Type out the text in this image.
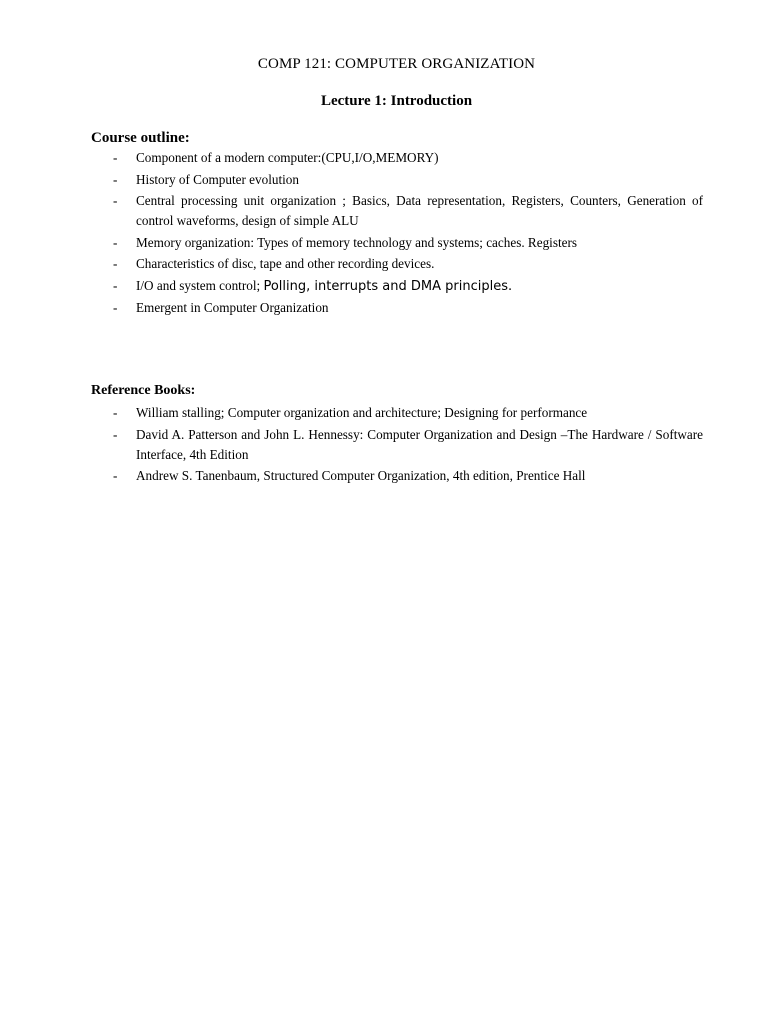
COMP 121: COMPUTER ORGANIZATION
Lecture 1: Introduction
Course outline:
- Component of a modern computer:(CPU,I/O,MEMORY)
- History of Computer evolution
- Central processing unit organization ; Basics, Data representation, Registers, Counters, Generation of control waveforms, design of simple ALU
- Memory organization: Types of memory technology and systems; caches. Registers
- Characteristics of disc, tape and other recording devices.
- I/O and system control; Polling, interrupts and DMA principles.
- Emergent in Computer Organization
Reference Books:
- William stalling; Computer organization and architecture; Designing for performance
- David A. Patterson and John L. Hennessy: Computer Organization and Design –The Hardware / Software Interface, 4th Edition
- Andrew S. Tanenbaum, Structured Computer Organization, 4th edition, Prentice Hall
